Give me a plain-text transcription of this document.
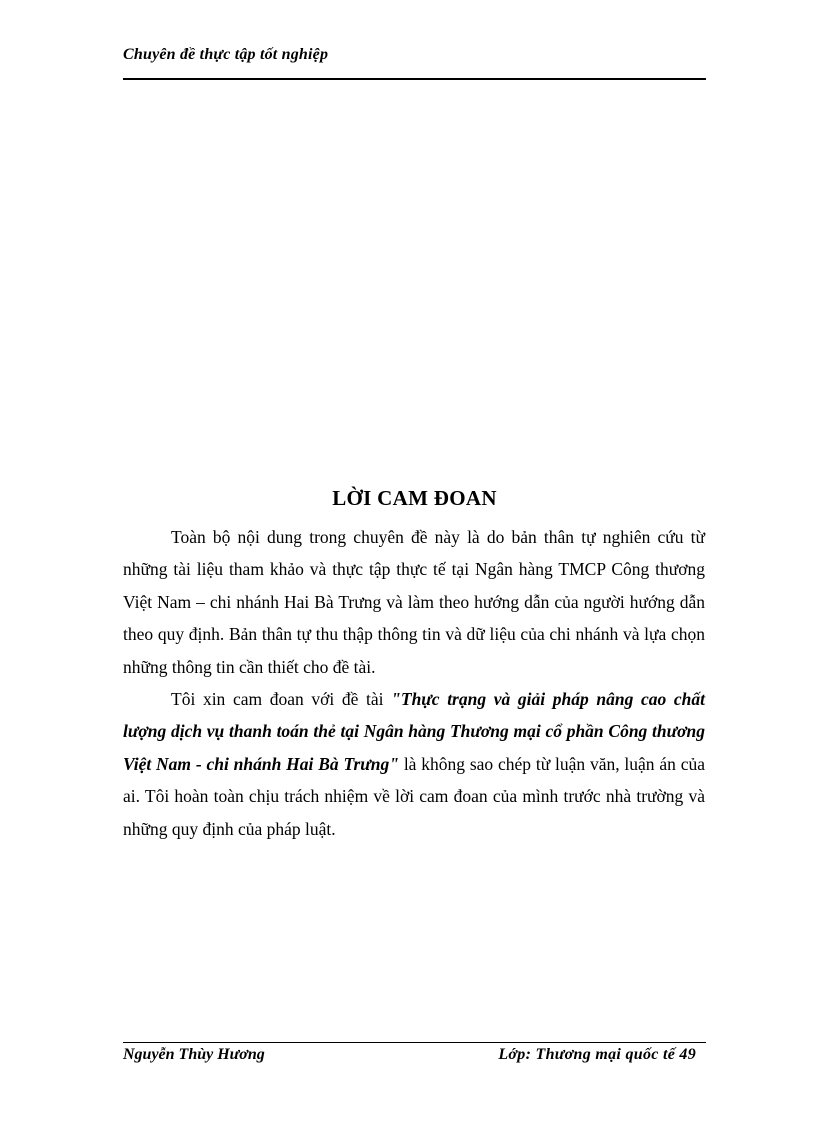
Chuyên đề thực tập tốt nghiệp
LỜI CAM ĐOAN

Toàn bộ nội dung trong chuyên đề này là do bản thân tự nghiên cứu từ những tài liệu tham khảo và thực tập thực tế tại Ngân hàng TMCP Công thương Việt Nam – chi nhánh Hai Bà Trưng và làm theo hướng dẫn của người hướng dẫn theo quy định. Bản thân tự thu thập thông tin và dữ liệu của chi nhánh và lựa chọn những thông tin cần thiết cho đề tài.

Tôi xin cam đoan với đề tài "Thực trạng và giải pháp nâng cao chất lượng dịch vụ thanh toán thẻ tại Ngân hàng Thương mại cổ phần Công thương Việt Nam - chi nhánh Hai Bà Trưng" là không sao chép từ luận văn, luận án của ai. Tôi hoàn toàn chịu trách nhiệm về lời cam đoan của mình trước nhà trường và những quy định của pháp luật.

Nguyễn Thùy Hương	Lớp: Thương mại quốc tế 49
